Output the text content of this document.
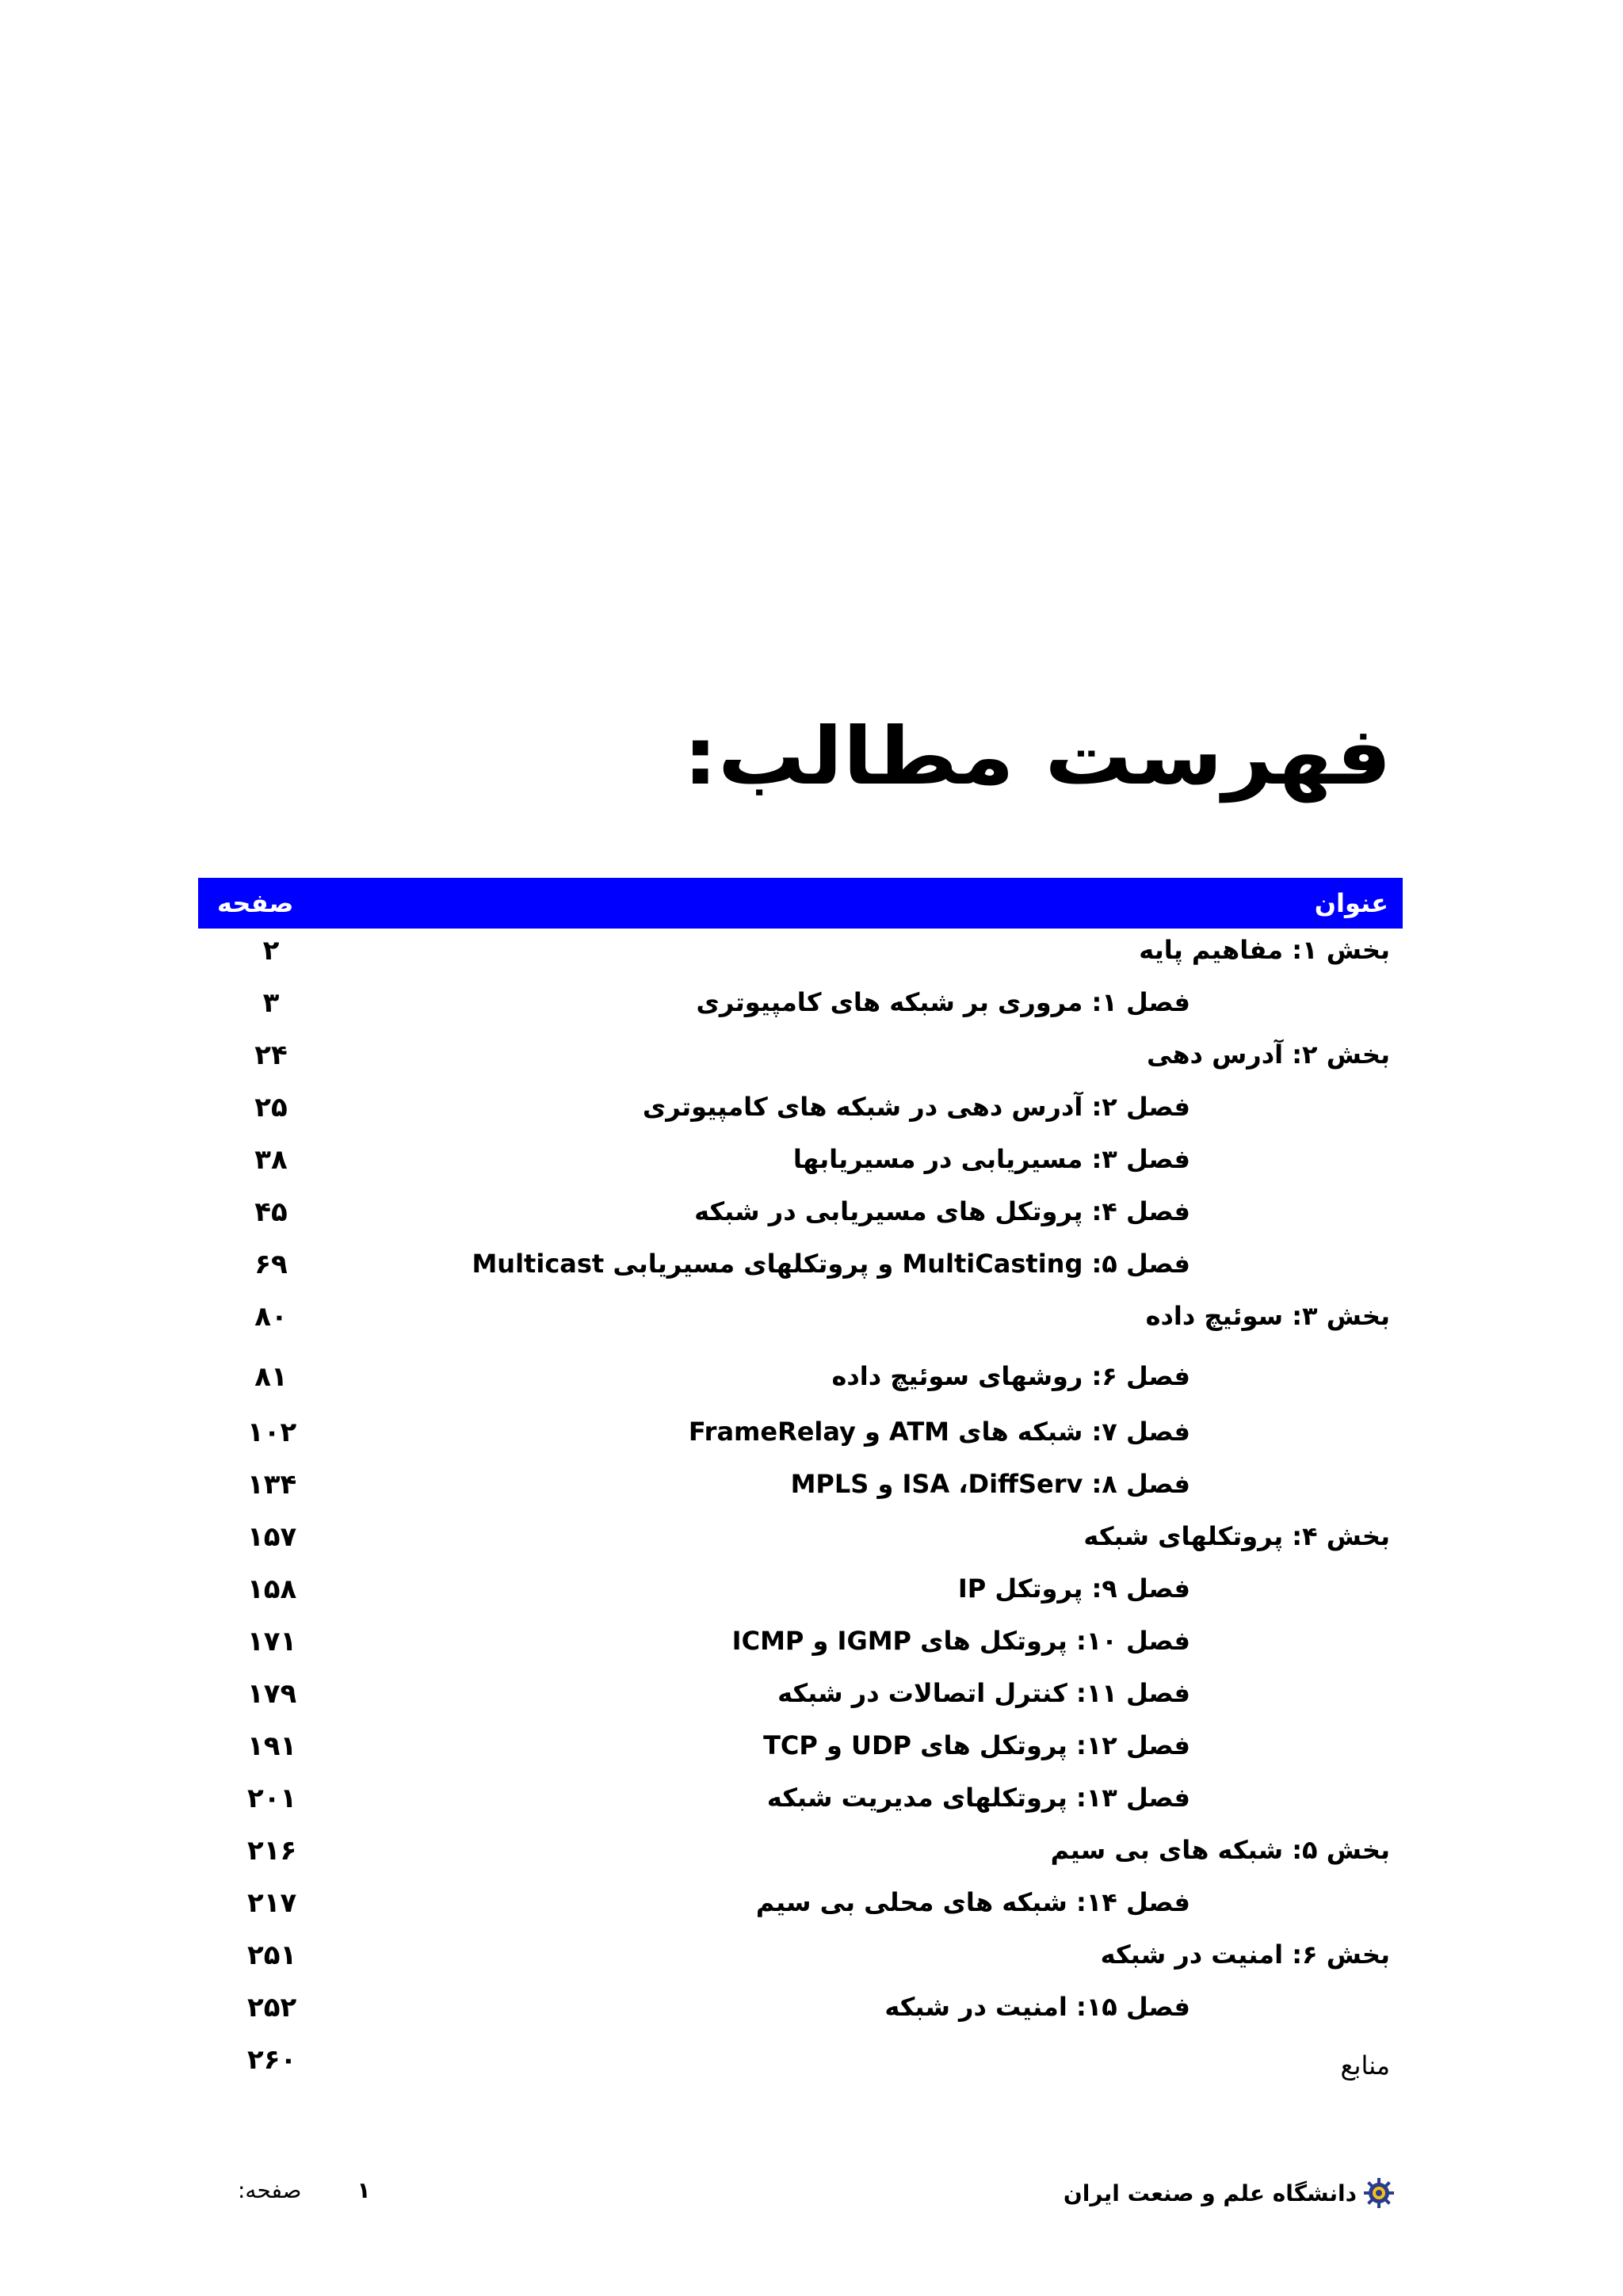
فهرست مطالب:
عنوان
صفحه
بخش ۱: مفاهیم پایه
۲
فصل ۱: مروری بر شبکه های کامپیوتری
۳
بخش ۲: آدرس دهی
۲۴
فصل ۲: آدرس دهی در شبکه های کامپیوتری
۲۵
فصل ۳: مسیریابی در مسیریابها
۳۸
فصل ۴: پروتکل های مسیریابی در شبکه
۴۵
فصل ۵: MultiCasting و پروتکلهای مسیریابی Multicast
۶۹
بخش ۳: سوئیچ داده
۸۰
فصل ۶: روشهای سوئیچ داده
۸۱
فصل ۷: شبکه های ATM و FrameRelay
۱۰۲
فصل ۸: ISA ،DiffServ و MPLS
۱۳۴
بخش ۴: پروتکلهای شبکه
۱۵۷
فصل ۹: پروتکل IP
۱۵۸
فصل ۱۰: پروتکل های IGMP و ICMP
۱۷۱
فصل ۱۱: کنترل اتصالات در شبکه
۱۷۹
فصل ۱۲: پروتکل های UDP و TCP
۱۹۱
فصل ۱۳: پروتکلهای مدیریت شبکه
۲۰۱
بخش ۵: شبکه های بی سیم
۲۱۶
فصل ۱۴: شبکه های محلی بی سیم
۲۱۷
بخش ۶: امنیت در شبکه
۲۵۱
فصل ۱۵: امنیت در شبکه
۲۵۲
منابع
۲۶۰
صفحه:	۱	دانشگاه علم و صنعت ایران
